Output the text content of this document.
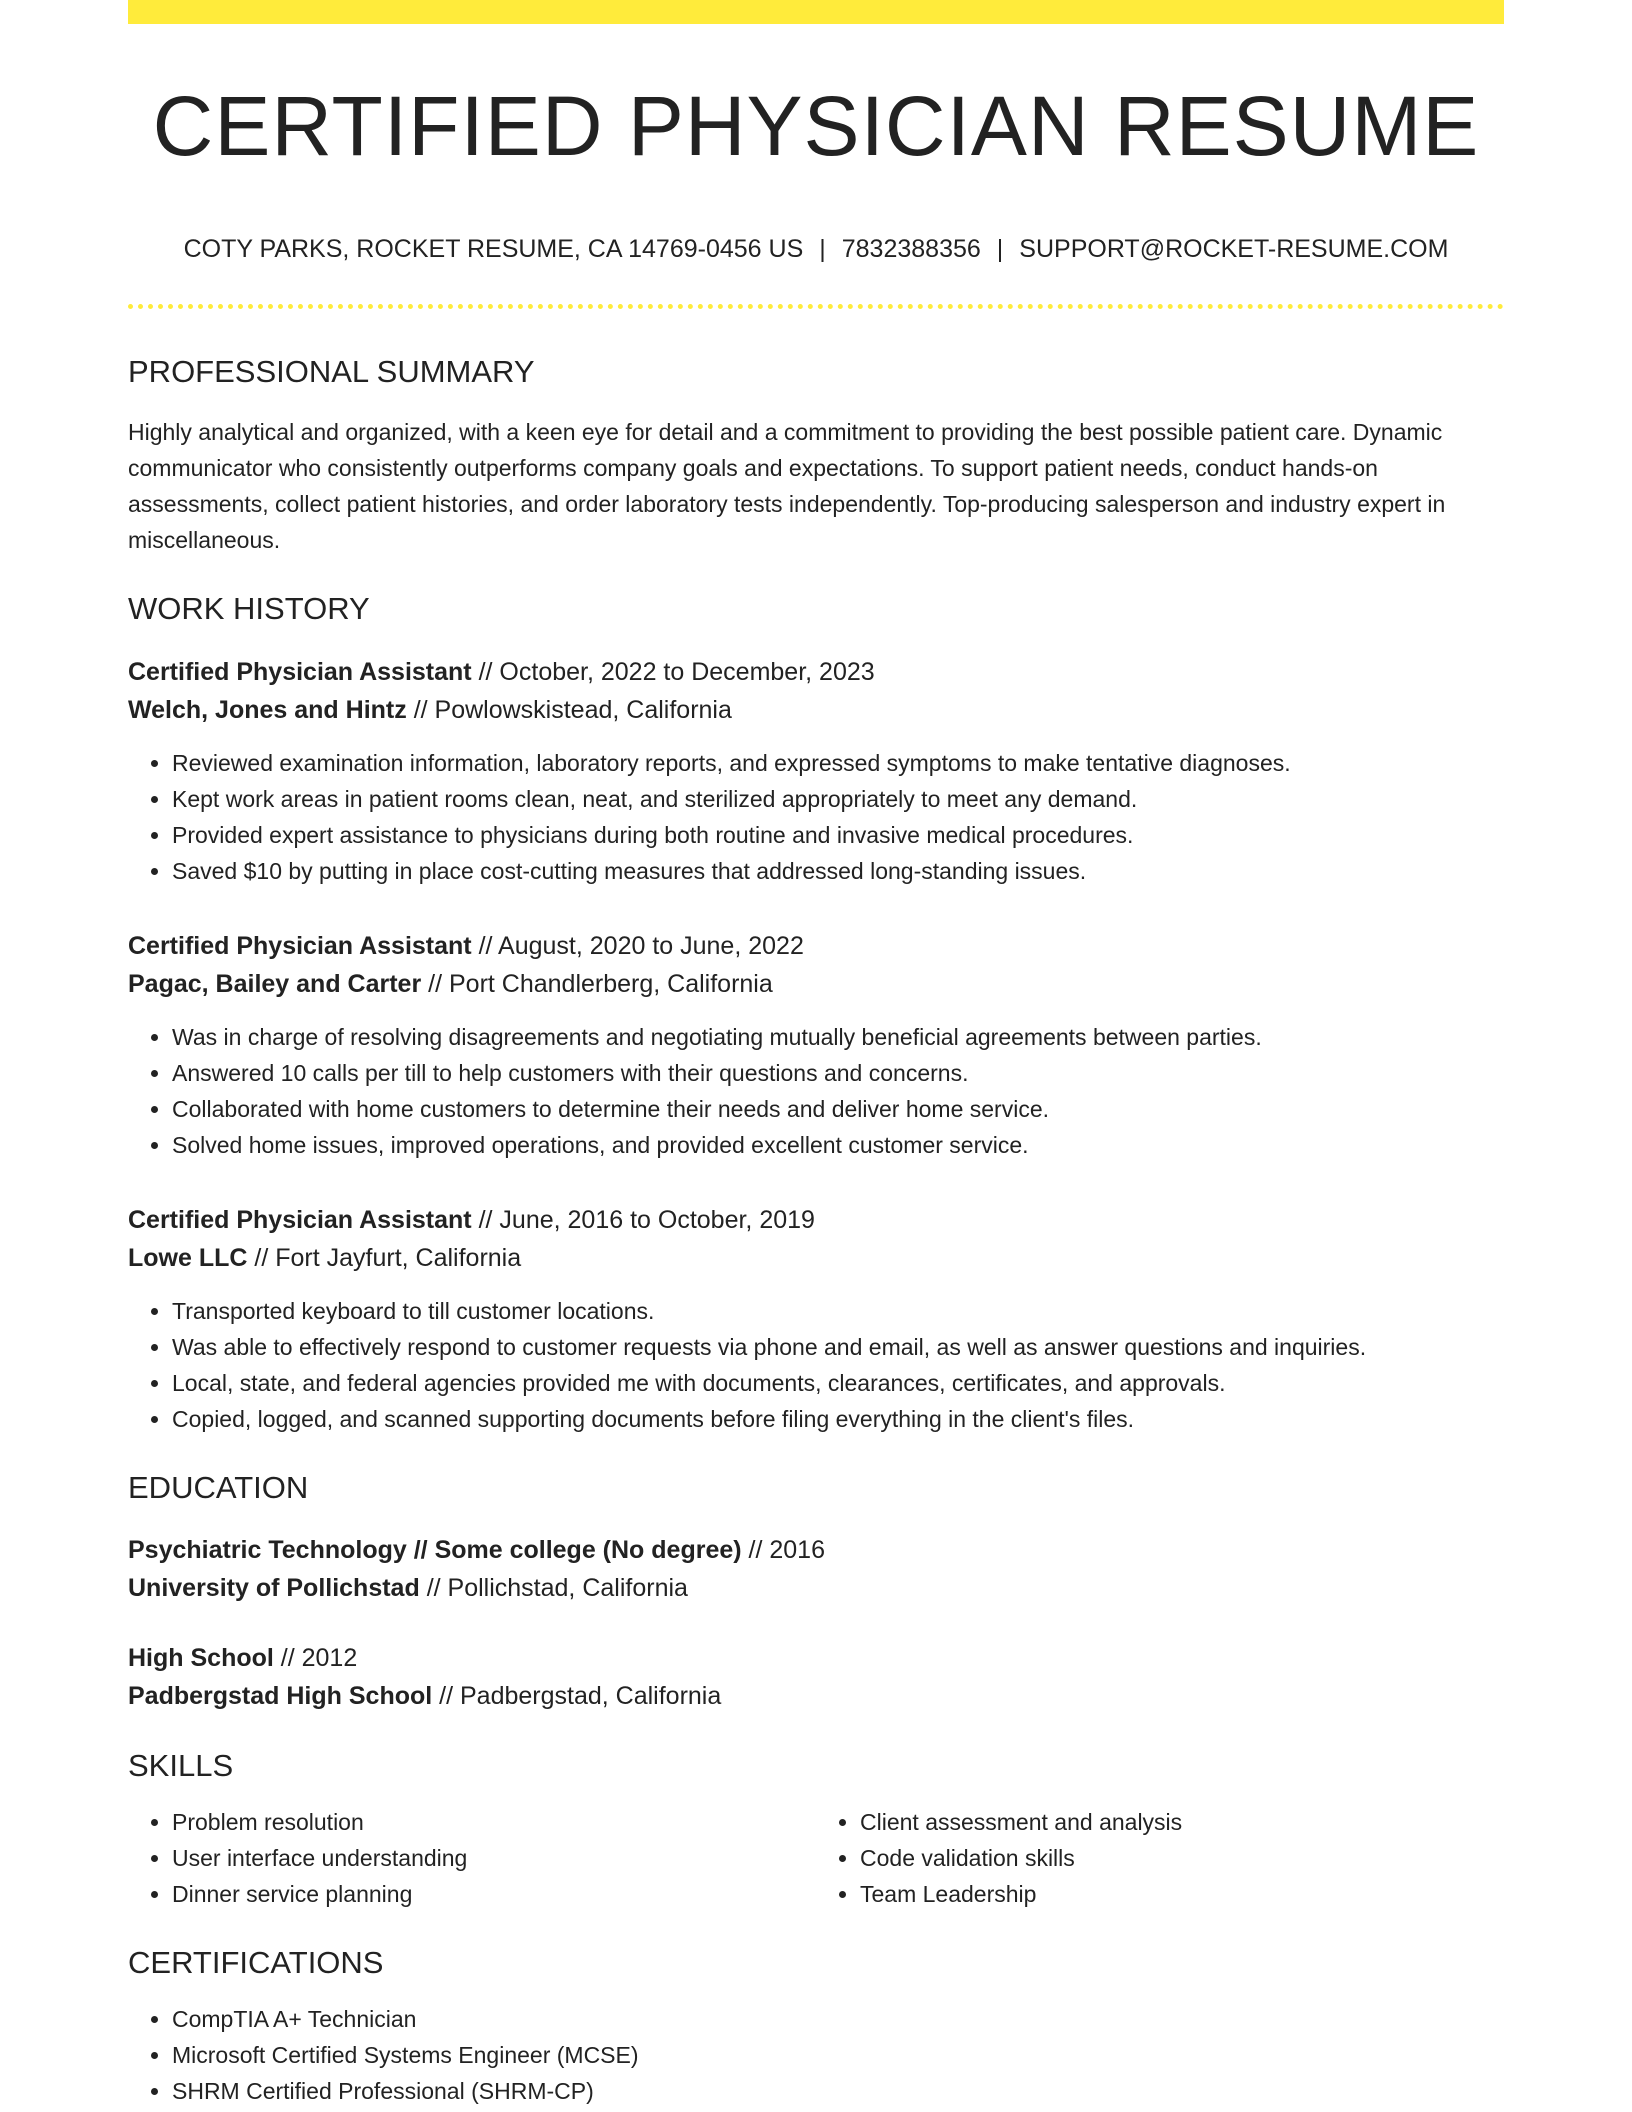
CERTIFIED PHYSICIAN RESUME
COTY PARKS, ROCKET RESUME, CA 14769-0456 US | 7832388356 | SUPPORT@ROCKET-RESUME.COM
PROFESSIONAL SUMMARY
Highly analytical and organized, with a keen eye for detail and a commitment to providing the best possible patient care. Dynamic communicator who consistently outperforms company goals and expectations. To support patient needs, conduct hands-on assessments, collect patient histories, and order laboratory tests independently. Top-producing salesperson and industry expert in miscellaneous.
WORK HISTORY
Certified Physician Assistant // October, 2022 to December, 2023
Welch, Jones and Hintz // Powlowskistead, California
• Reviewed examination information, laboratory reports, and expressed symptoms to make tentative diagnoses.
• Kept work areas in patient rooms clean, neat, and sterilized appropriately to meet any demand.
• Provided expert assistance to physicians during both routine and invasive medical procedures.
• Saved $10 by putting in place cost-cutting measures that addressed long-standing issues.
Certified Physician Assistant // August, 2020 to June, 2022
Pagac, Bailey and Carter // Port Chandlerberg, California
• Was in charge of resolving disagreements and negotiating mutually beneficial agreements between parties.
• Answered 10 calls per till to help customers with their questions and concerns.
• Collaborated with home customers to determine their needs and deliver home service.
• Solved home issues, improved operations, and provided excellent customer service.
Certified Physician Assistant // June, 2016 to October, 2019
Lowe LLC // Fort Jayfurt, California
• Transported keyboard to till customer locations.
• Was able to effectively respond to customer requests via phone and email, as well as answer questions and inquiries.
• Local, state, and federal agencies provided me with documents, clearances, certificates, and approvals.
• Copied, logged, and scanned supporting documents before filing everything in the client's files.
EDUCATION
Psychiatric Technology // Some college (No degree) // 2016
University of Pollichstad // Pollichstad, California
High School // 2012
Padbergstad High School // Padbergstad, California
SKILLS
• Problem resolution
• User interface understanding
• Dinner service planning
• Client assessment and analysis
• Code validation skills
• Team Leadership
CERTIFICATIONS
• CompTIA A+ Technician
• Microsoft Certified Systems Engineer (MCSE)
• SHRM Certified Professional (SHRM-CP)
